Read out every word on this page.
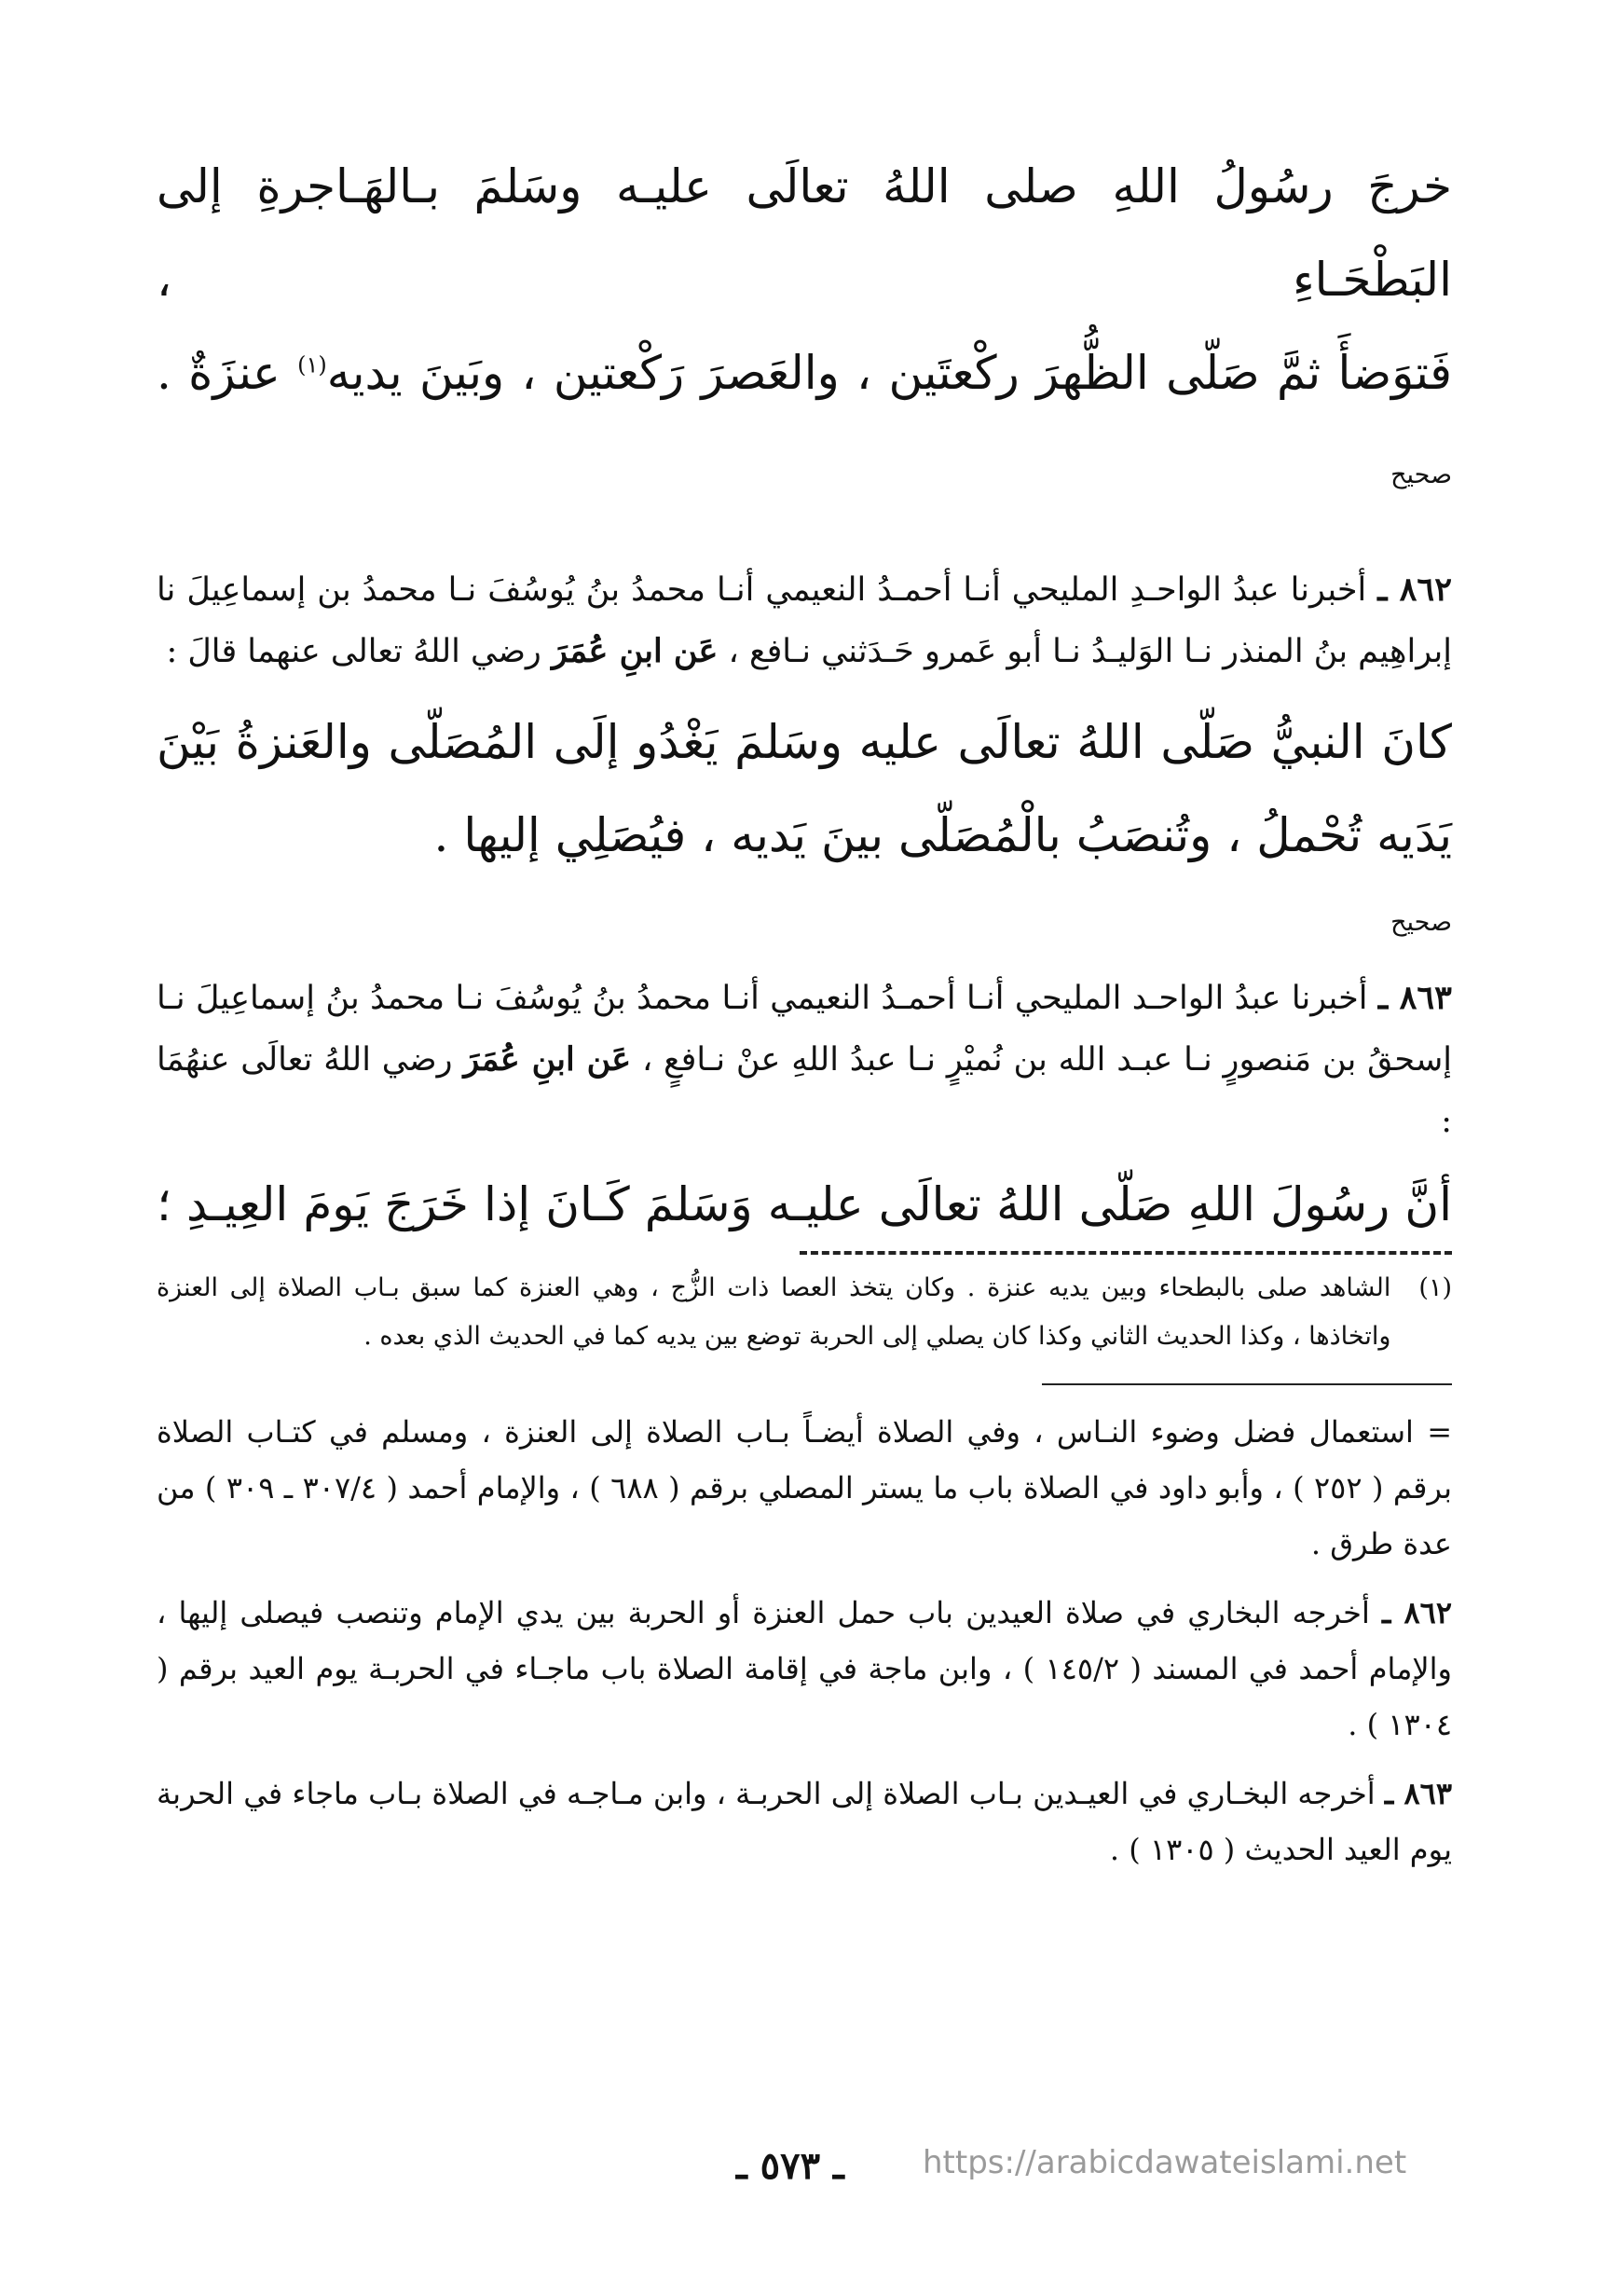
خرجَ رسُولُ اللهِ صلى اللهُ تعالَى عليـه وسَلمَ بـالهَـاجرةِ إلى البَطْحَـاءِ ،

فَتوَضأَ ثمَّ صَلّى الظُّهرَ ركْعتَين ، والعَصرَ رَكْعتين ، وبَينَ يديه$^{(١)}$ عنزَةٌ .

صحيح

٨٦٢ ـ أخبرنا عبدُ الواحـدِ المليحي أنـا أحمـدُ النعيمي أنـا محمدُ بنُ يُوسُفَ نـا محمدُ بن إسماعِيلَ نا إبراهِيم بنُ المنذر نـا الوَليـدُ نـا أبو عَمرو حَـدَثني نـافع ، عَن ابنِ عُمَرَ رضي اللهُ تعالى عنهما قالَ :

كانَ النبيُّ صَلّى اللهُ تعالَى عليه وسَلمَ يَغْدُو إلَى المُصَلّى والعَنزةُ بَيْنَ يَدَيه تُحْملُ ، وتُنصَبُ بالْمُصَلّى بينَ يَديه ، فيُصَلِي إليها .

صحيح

٨٦٣ ـ أخبرنا عبدُ الواحـد المليحي أنـا أحمـدُ النعيمي أنـا محمدُ بنُ يُوسُفَ نـا محمدُ بنُ إسماعِيلَ نـا إسحقُ بن مَنصورٍ نـا عبـد الله بن نُميْرٍ نـا عبدُ اللهِ عنْ نـافعٍ ، عَن ابنِ عُمَرَ رضي اللهُ تعالَى عنهُمَا :

أنَّ رسُولَ اللهِ صَلّى اللهُ تعالَى عليـه وَسَلمَ كَـانَ إذا خَرَجَ يَومَ العِيـدِ ؛

(١)
الشاهد صلى بالبطحاء وبين يديه عنزة . وكان يتخذ العصا ذات الزُّج ، وهي العنزة كما سبق بـاب الصلاة إلى العنزة واتخاذها ، وكذا الحديث الثاني وكذا كان يصلي إلى الحربة توضع بين يديه كما في الحديث الذي بعده .

= استعمال فضل وضوء النـاس ، وفي الصلاة أيضـاً بـاب الصلاة إلى العنزة ، ومسلم في كتـاب الصلاة برقم ( ٢٥٢ ) ، وأبو داود في الصلاة باب ما يستر المصلي برقم ( ٦٨٨ ) ، والإمام أحمد ( ٣٠٧/٤ ـ ٣٠٩ ) من عدة طرق .

٨٦٢ ـ أخرجه البخاري في صلاة العيدين باب حمل العنزة أو الحربة بين يدي الإمام وتنصب فيصلى إليها ، والإمام أحمد في المسند ( ١٤٥/٢ ) ، وابن ماجة في إقامة الصلاة باب ماجـاء في الحربـة يوم العيد برقم ( ١٣٠٤ ) .

٨٦٣ ـ أخرجه البخـاري في العيـدين بـاب الصلاة إلى الحربـة ، وابن مـاجـه في الصلاة بـاب ماجاء في الحربة يوم العيد الحديث ( ١٣٠٥ ) .

ـ ٥٧٣ ـ https://arabicdawateislami.net
